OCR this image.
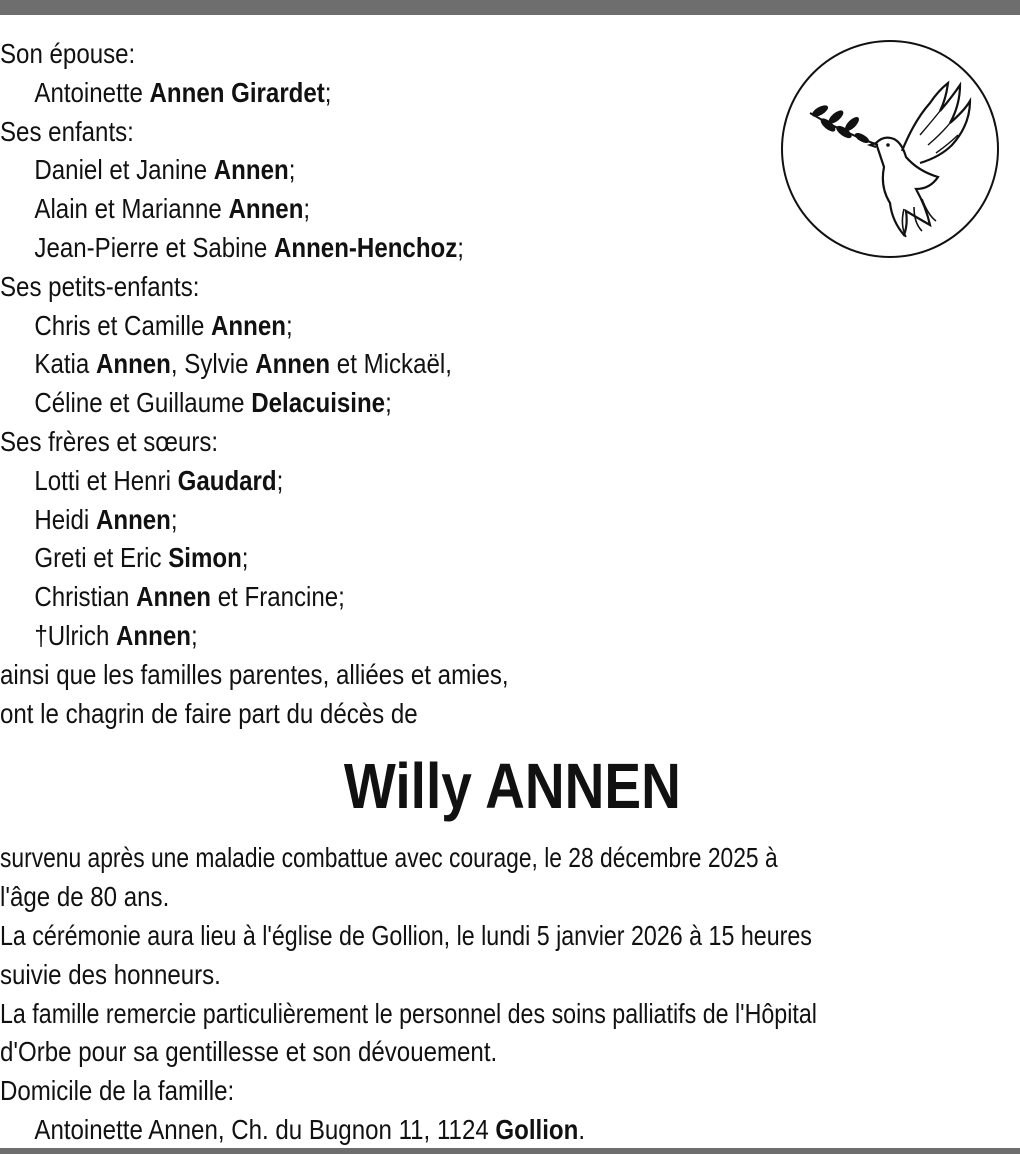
Son épouse:
Antoinette Annen Girardet;
Ses enfants:
Daniel et Janine Annen;
Alain et Marianne Annen;
Jean-Pierre et Sabine Annen-Henchoz;
Ses petits-enfants:
Chris et Camille Annen;
Katia Annen, Sylvie Annen et Mickaël,
Céline et Guillaume Delacuisine;
Ses frères et sœurs:
Lotti et Henri Gaudard;
Heidi Annen;
Greti et Eric Simon;
Christian Annen et Francine;
†Ulrich Annen;
ainsi que les familles parentes, alliées et amies,
ont le chagrin de faire part du décès de
Willy ANNEN
survenu après une maladie combattue avec courage, le 28 décembre 2025 à
l'âge de 80 ans.
La cérémonie aura lieu à l'église de Gollion, le lundi 5 janvier 2026 à 15 heures
suivie des honneurs.
La famille remercie particulièrement le personnel des soins palliatifs de l'Hôpital
d'Orbe pour sa gentillesse et son dévouement.
Domicile de la famille:
Antoinette Annen, Ch. du Bugnon 11, 1124 Gollion.
